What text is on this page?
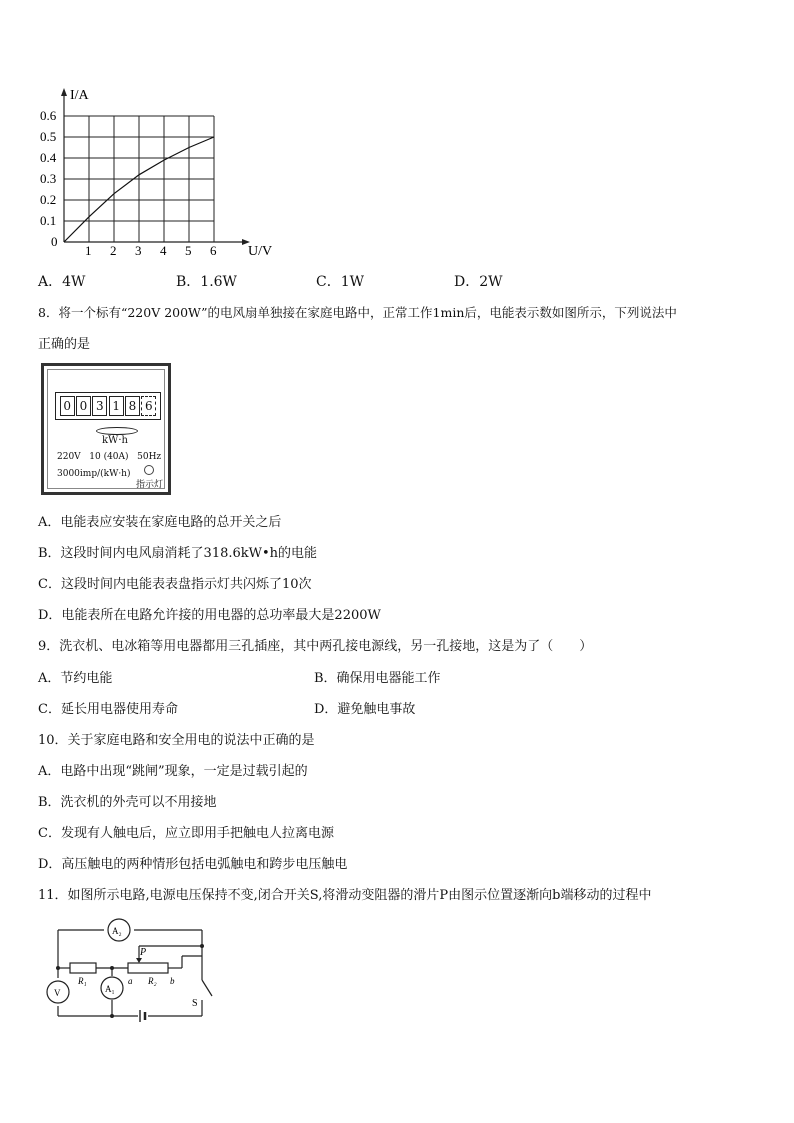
1 2 3 4 5 6
0.1
0.2
0.3
0.4
0.5
0.6
0
I/A
U/V
A．4W	B．1.6W	C．1W	D．2W
8．将一个标有“220V 200W”的电风扇单独接在家庭电路中，正常工作1min后，电能表示数如图所示，下列说法中
正确的是
0 0 3 1 8 6
kW·h
220V   10 (40A)   50Hz
3000imp/(kW·h)
指示灯
A．电能表应安装在家庭电路的总开关之后
B．这段时间内电风扇消耗了318.6kW•h的电能
C．这段时间内电能表表盘指示灯共闪烁了10次
D．电能表所在电路允许接的用电器的总功率最大是2200W
9．洗衣机、电冰箱等用电器都用三孔插座，其中两孔接电源线，另一孔接地，这是为了（　　）
A．节约电能	B．确保用电器能工作
C．延长用电器使用寿命	D．避免触电事故
10．关于家庭电路和安全用电的说法中正确的是
A．电路中出现“跳闸”现象，一定是过载引起的
B．洗衣机的外壳可以不用接地
C．发现有人触电后，应立即用手把触电人拉离电源
D．高压触电的两种情形包括电弧触电和跨步电压触电
11．如图所示电路,电源电压保持不变,闭合开关S,将滑动变阻器的滑片P由图示位置逐渐向b端移动的过程中
A₂
V	A₁
P
R₁	a R₂ b
S
